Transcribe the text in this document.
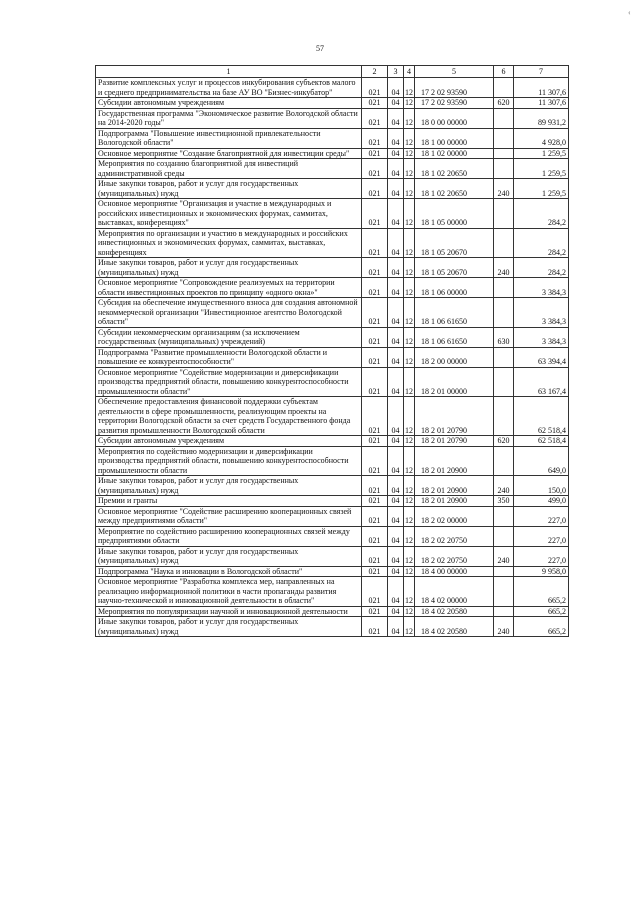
‹
57
1	2	3	4	5	6	7
Развитие комплексных услуг и процессов инкубирования субъектов малого и среднего предпринимательства на базе АУ ВО "Бизнес-инкубатор"	021	04	12	17 2 02 93590		11 307,6
Субсидии автономным учреждениям	021	04	12	17 2 02 93590	620	11 307,6
Государственная программа "Экономическое развитие Вологодской области на 2014-2020 годы"	021	04	12	18 0 00 00000		89 931,2
Подпрограмма "Повышение инвестиционной привлекательности Вологодской области"	021	04	12	18 1 00 00000		4 928,0
Основное мероприятие "Создание благоприятной для инвестиции среды"	021	04	12	18 1 02 00000		1 259,5
Мероприятия по созданию благоприятной для инвестиций административной среды	021	04	12	18 1 02 20650		1 259,5
Иные закупки товаров, работ и услуг для государственных (муниципальных) нужд	021	04	12	18 1 02 20650	240	1 259,5
Основное мероприятие "Организация и участие в международных и российских инвестиционных и экономических форумах, саммитах, выставках, конференциях"	021	04	12	18 1 05 00000		284,2
Мероприятия по организации и участию в международных и российских инвестиционных и экономических форумах, саммитах, выставках, конференциях	021	04	12	18 1 05 20670		284,2
Иные закупки товаров, работ и услуг для государственных (муниципальных) нужд	021	04	12	18 1 05 20670	240	284,2
Основное мероприятие "Сопровождение реализуемых на территории области инвестиционных проектов по принципу «одного окна»"	021	04	12	18 1 06 00000		3 384,3
Субсидия на обеспечение имущественного взноса для создания автономной некоммерческой организации "Инвестиционное агентство Вологодской области"	021	04	12	18 1 06 61650		3 384,3
Субсидии некоммерческим организациям (за исключением государственных (муниципальных) учреждений)	021	04	12	18 1 06 61650	630	3 384,3
Подпрограмма "Развитие промышленности Вологодской области и повышение ее конкурентоспособности"	021	04	12	18 2 00 00000		63 394,4
Основное мероприятие "Содействие модернизации и диверсификации производства предприятий области, повышению конкурентоспособности промышленности области"	021	04	12	18 2 01 00000		63 167,4
Обеспечение предоставления финансовой поддержки субъектам деятельности в сфере промышленности, реализующим проекты на территории Вологодской области за счет средств Государственного фонда развития промышленности Вологодской области	021	04	12	18 2 01 20790		62 518,4
Субсидии автономным учреждениям	021	04	12	18 2 01 20790	620	62 518,4
Мероприятия по содействию модернизации и диверсификации производства предприятий области, повышению конкурентоспособности промышленности области	021	04	12	18 2 01 20900		649,0
Иные закупки товаров, работ и услуг для государственных (муниципальных) нужд	021	04	12	18 2 01 20900	240	150,0
Премии и гранты	021	04	12	18 2 01 20900	350	499,0
Основное мероприятие "Содействие расширению кооперационных связей между предприятиями области"	021	04	12	18 2 02 00000		227,0
Мероприятие по содействию расширению кооперационных связей между предприятиями области	021	04	12	18 2 02 20750		227,0
Иные закупки товаров, работ и услуг для государственных (муниципальных) нужд	021	04	12	18 2 02 20750	240	227,0
Подпрограмма "Наука и инновации в Вологодской области"	021	04	12	18 4 00 00000		9 958,0
Основное мероприятие "Разработка комплекса мер, направленных на реализацию информационной политики в части пропаганды развития научно-технической и инновационной деятельности в области"	021	04	12	18 4 02 00000		665,2
Мероприятия по популяризации научной и инновационной деятельности	021	04	12	18 4 02 20580		665,2
Иные закупки товаров, работ и услуг для государственных (муниципальных) нужд	021	04	12	18 4 02 20580	240	665,2
